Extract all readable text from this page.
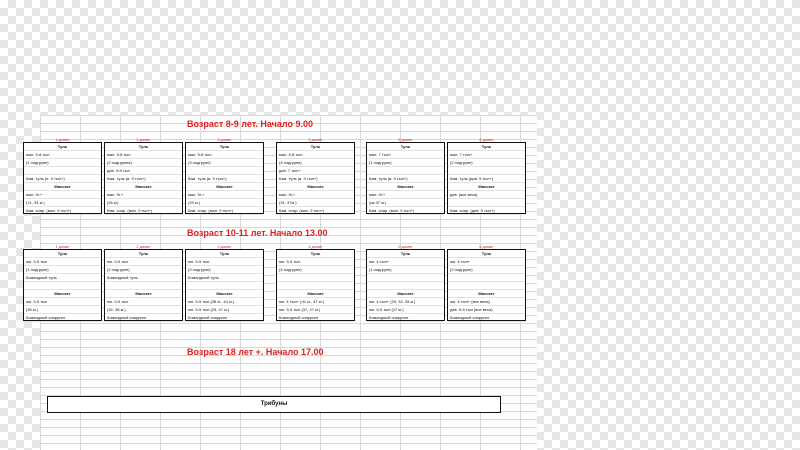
Возраст 8-9 лет. Начало 9.00
1 домег
Туль
мал. 9-8 тыл
(1 подгрупп)
Кам. туль (н. 9 тыл+)
Массаге
мал. 9г.+
(21, 34 кг.)
Кам. спар. (мал. 9 тыл+)
2 домег
Туль
мал. 9-8 тыл
(2 подгруппа)
дев. 9-8 тыл
Кам. туль (в. 9 тыл+)
Массаге
мал. 9г.+
(26 кг)
Кам. спар. (мал. 9 тыл+)
3 домег
Туль
мал. 9-8 тыл
(3 подгрупп)
Кам. туль (в. 9 тыл+)
Массаге
мал. 9г.+
(29 кг.)
Кам. спар. (мал. 9 тыл+)
4 домег
Туль
мал. 9-8 тыл
(4 подгрупп)
дев. 7 тыл+
Кам. туль (в. 9 тыл+)
Массаге
мал. 9г.+
(31, 37кг.)
Кам. спар. (мал. 9 тыл+)
5 домег
Туль
мал. 7 тыл+
(1 подгрупп)
Кам. туль (в. 9 тыл+)
Массаге
мал. 9г.+
(св.37 кг.)
Кам. спар. (мал. 9 тыл+)
6 домег
Туль
мал. 7 тыл+
(2 подгрупп)
Кам. туль (дев. 9 тыл+)
Массаге
дев. (все веса)
Кам. спар. (дев. 9 тыл+)
Возраст 10-11 лет. Начало 13.00
1 домег
Туль
юн. 9-5 тыл
(1 подгрупп)
Командный туль
Массаге
юн. 9-5 тыл
(35 кг.)
Командный спарринг
2 домег
Туль
юн. 9-5 тыл
(2 подгрупп)
Командный туль
Массаге
юн. 9-5 тыл
(32, 38 кг.)
Командный спарринг
3 домег
Туль
юн. 9-5 тыл
(3 подгрупп)
Командный туль
Массаге
юн. 9-5 тыл (38 кг., 44 кг.)
юн. 9-5 тыл (29, 47 кг.)
Командный спарринг
4 домег
Туль
юн. 9-5 тыл
(4 подгрупп)
Массаге
юн. 4 тыл+ (41 кг., 47 кг.)
юн. 9-5 тыл (37, 47 кг.)
Командный спарринг
5 домег
Туль
юн. 4 тыл+
(1 подгрупп)
Массаге
юн. 4 тыл+ (29, 32, 35 кг)
юн. 9-5 тыл (27 кг.)
Командный спарринг
6 домег
Туль
юн. 4 тыл+
(2 подгрупп)
Массаге
юн. 4 тыл+ (все веса)
дев. 9-5 тыл (все веса)
Командный спарринг
Возраст 18 лет +. Начало 17.00
Трибуны
